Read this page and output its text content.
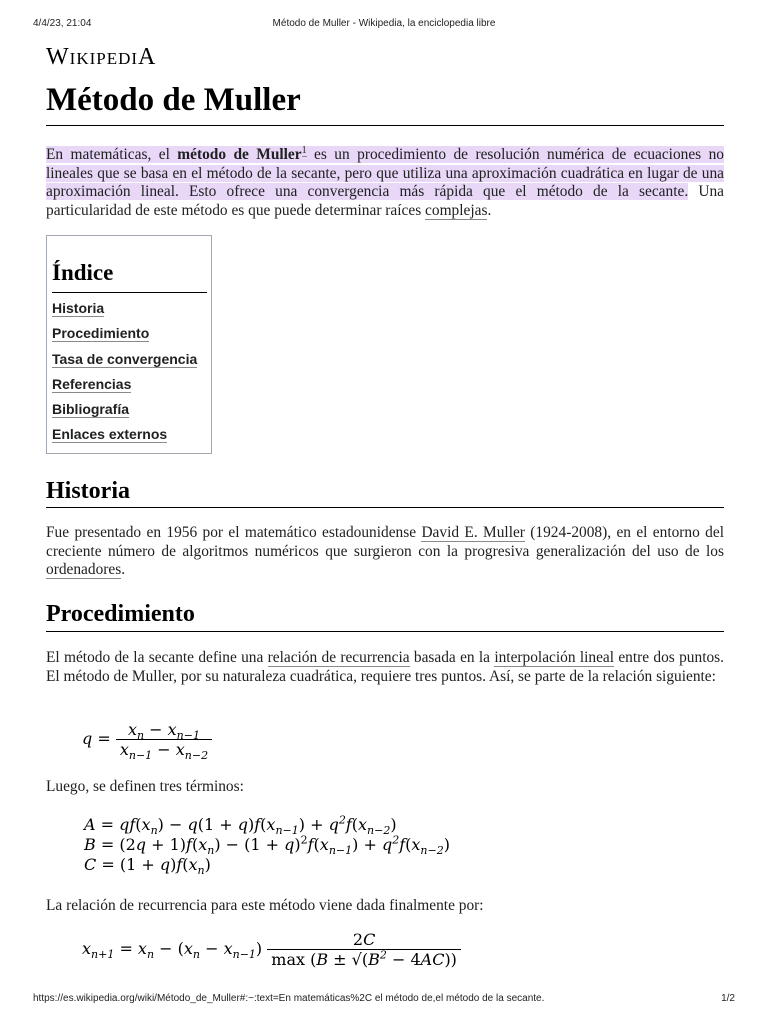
4/4/23, 21:04	Método de Muller - Wikipedia, la enciclopedia libre
WIKIPEDIA
Método de Muller

En matemáticas, el método de Muller$^1$ es un procedimiento de resolución numérica de ecuaciones no lineales que se basa en el método de la secante, pero que utiliza una aproximación cuadrática en lugar de una aproximación lineal. Esto ofrece una convergencia más rápida que el método de la secante. Una particularidad de este método es que puede determinar raíces complejas.

Índice
Historia
Procedimiento
Tasa de convergencia
Referencias
Bibliografía
Enlaces externos
Historia

Fue presentado en 1956 por el matemático estadounidense David E. Muller (1924-2008), en el entorno del creciente número de algoritmos numéricos que surgieron con la progresiva generalización del uso de los ordenadores.

Procedimiento

El método de la secante define una relación de recurrencia basada en la interpolación lineal entre dos puntos. El método de Muller, por su naturaleza cuadrática, requiere tres puntos. Así, se parte de la relación siguiente:

$q = \frac{x_n - x_{n-1}}{x_{n-1} - x_{n-2}}$

Luego, se definen tres términos:

$A = qf(x_n) - q(1 + q)f(x_{n-1}) + q^2f(x_{n-2})$
$B = (2q + 1)f(x_n) - (1 + q)^2f(x_{n-1}) + q^2f(x_{n-2})$
$C = (1 + q)f(x_n)$

La relación de recurrencia para este método viene dada finalmente por:

$x_{n+1} = x_n - (x_n - x_{n-1}) \frac{2C}{\max (B \pm √(B^2 - 4AC))}$
https://es.wikipedia.org/wiki/Método_de_Muller#:~:text=En matemáticas%2C el método de,el método de la secante.	1/2
